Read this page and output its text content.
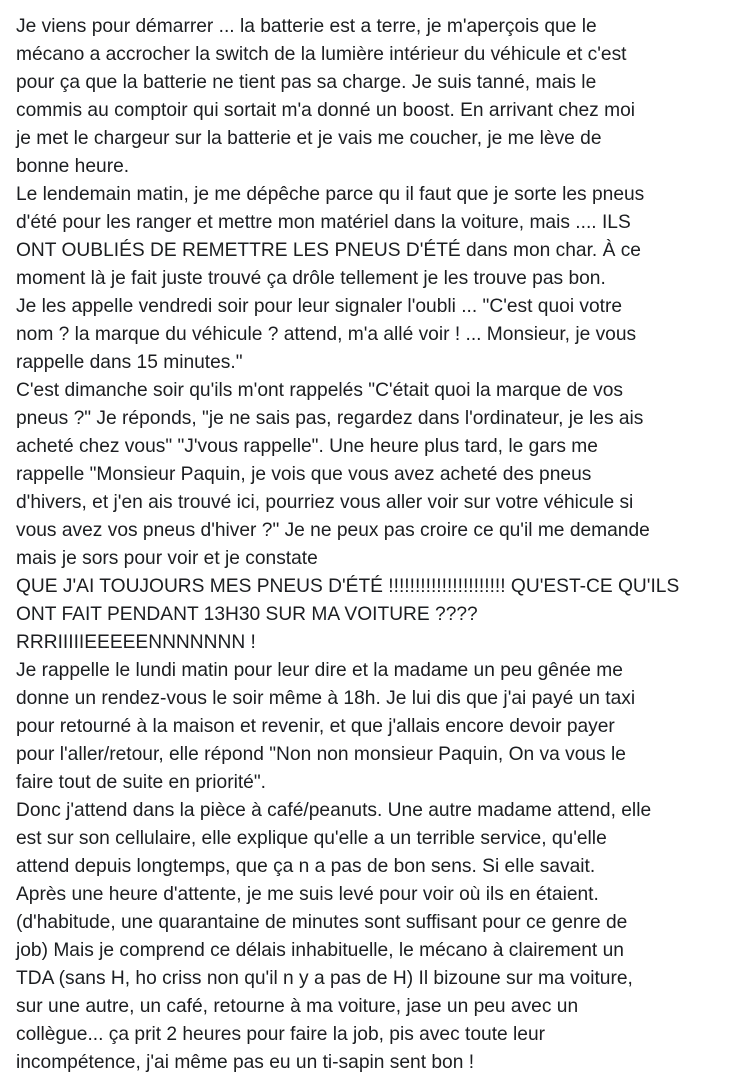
Je viens pour démarrer ... la batterie est a terre, je m'aperçois que le
mécano a accrocher la switch de la lumière intérieur du véhicule et c'est
pour ça que la batterie ne tient pas sa charge. Je suis tanné, mais le
commis au comptoir qui sortait m'a donné un boost. En arrivant chez moi
je met le chargeur sur la batterie et je vais me coucher, je me lève de
bonne heure.
Le lendemain matin, je me dépêche parce qu il faut que je sorte les pneus
d'été pour les ranger et mettre mon matériel dans la voiture, mais .... ILS
ONT OUBLIÉS DE REMETTRE LES PNEUS D'ÉTÉ dans mon char. À ce
moment là je fait juste trouvé ça drôle tellement je les trouve pas bon.
Je les appelle vendredi soir pour leur signaler l'oubli ... "C'est quoi votre
nom ? la marque du véhicule ? attend, m'a allé voir ! ... Monsieur, je vous
rappelle dans 15 minutes."
C'est dimanche soir qu'ils m'ont rappelés "C'était quoi la marque de vos
pneus ?" Je réponds, "je ne sais pas, regardez dans l'ordinateur, je les ais
acheté chez vous" "J'vous rappelle". Une heure plus tard, le gars me
rappelle "Monsieur Paquin, je vois que vous avez acheté des pneus
d'hivers, et j'en ais trouvé ici, pourriez vous aller voir sur votre véhicule si
vous avez vos pneus d'hiver ?" Je ne peux pas croire ce qu'il me demande
mais je sors pour voir et je constate
QUE J'AI TOUJOURS MES PNEUS D'ÉTÉ !!!!!!!!!!!!!!!!!!!!!! QU'EST-CE QU'ILS
ONT FAIT PENDANT 13H30 SUR MA VOITURE ????
RRRIIIIIEEEEENNNNNNN !
Je rappelle le lundi matin pour leur dire et la madame un peu gênée me
donne un rendez-vous le soir même à 18h. Je lui dis que j'ai payé un taxi
pour retourné à la maison et revenir, et que j'allais encore devoir payer
pour l'aller/retour, elle répond "Non non monsieur Paquin, On va vous le
faire tout de suite en priorité".
Donc j'attend dans la pièce à café/peanuts. Une autre madame attend, elle
est sur son cellulaire, elle explique qu'elle a un terrible service, qu'elle
attend depuis longtemps, que ça n a pas de bon sens. Si elle savait.
Après une heure d'attente, je me suis levé pour voir où ils en étaient.
(d'habitude, une quarantaine de minutes sont suffisant pour ce genre de
job) Mais je comprend ce délais inhabituelle, le mécano à clairement un
TDA (sans H, ho criss non qu'il n y a pas de H) Il bizoune sur ma voiture,
sur une autre, un café, retourne à ma voiture, jase un peu avec un
collègue... ça prit 2 heures pour faire la job, pis avec toute leur
incompétence, j'ai même pas eu un ti-sapin sent bon !
